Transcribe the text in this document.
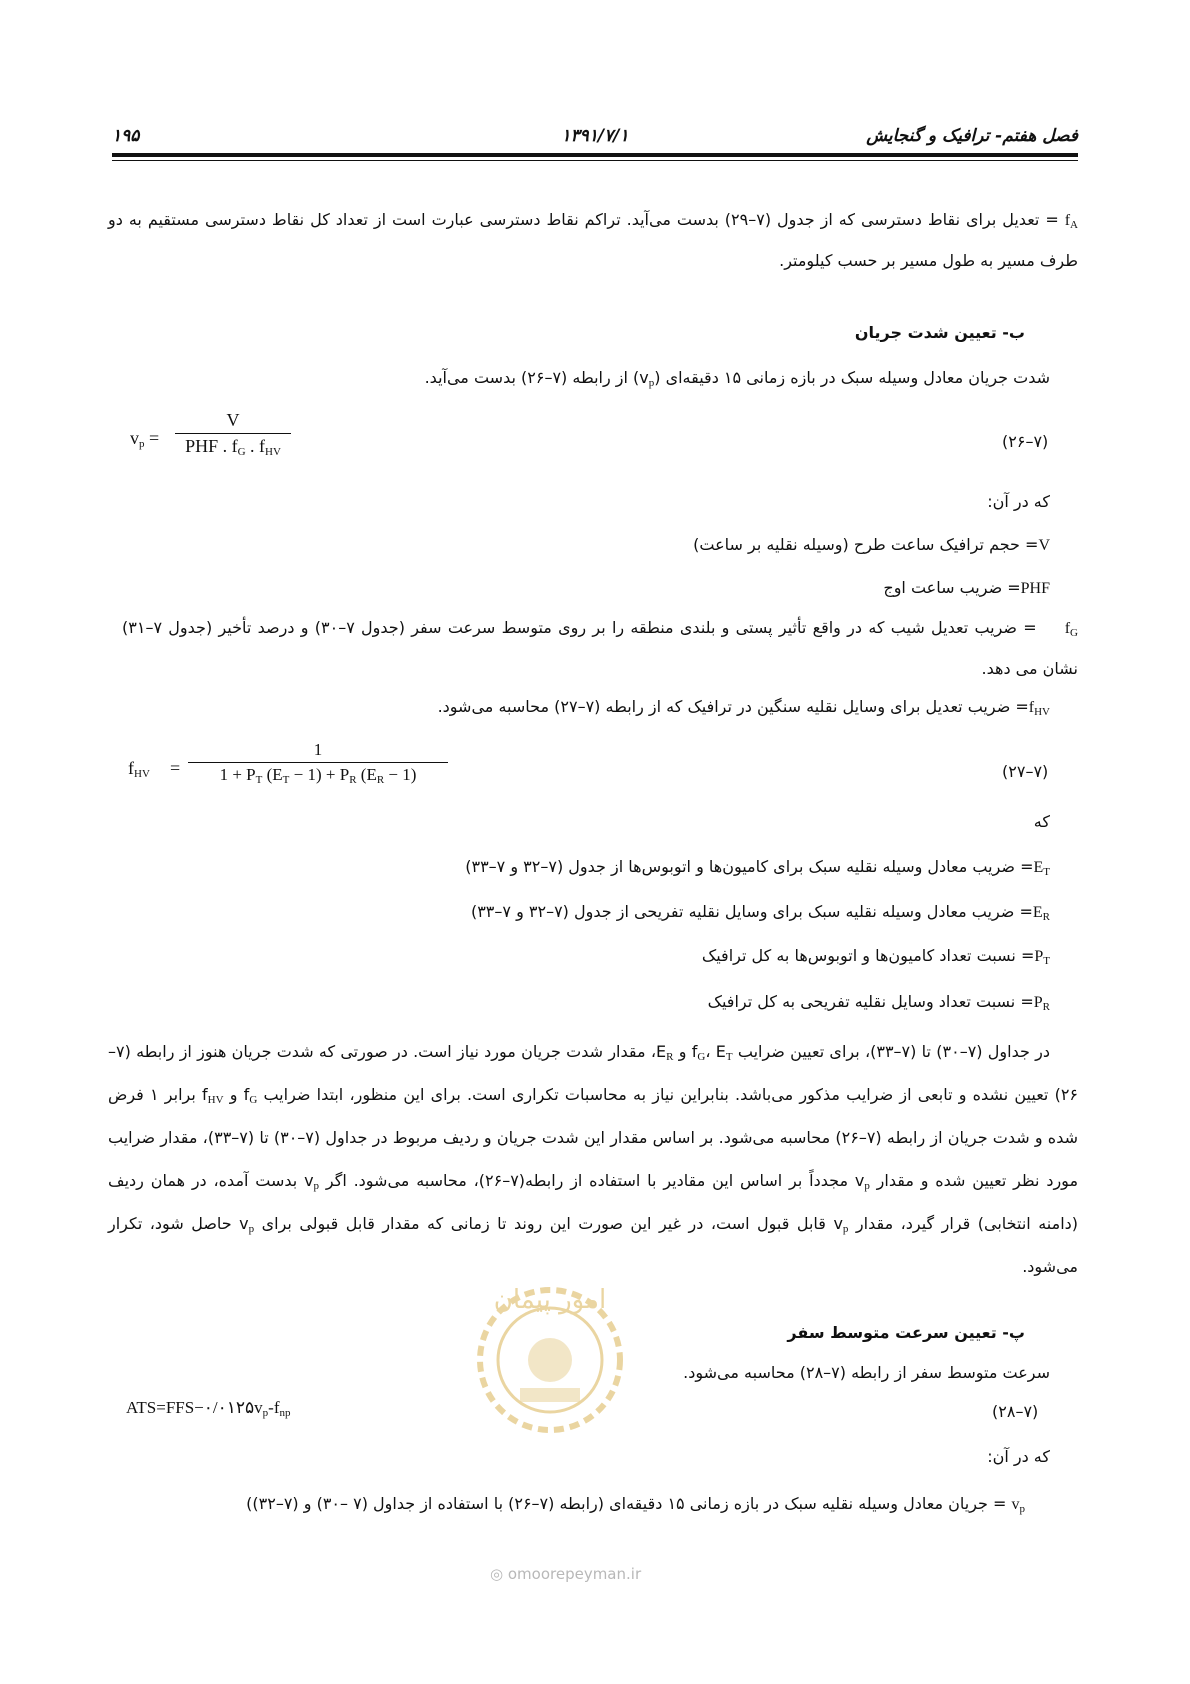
فصل هفتم- ترافیک و گنجایش
۱۳۹۱/۷/۱
۱۹۵
$f_A$ = تعدیل برای نقاط دسترسی که از جدول (۷–۲۹) بدست می‌آید. تراکم نقاط دسترسی عبارت است از تعداد کل نقاط دسترسی مستقیم به دو طرف مسیر به طول مسیر بر حسب کیلومتر.
ب- تعیین شدت جریان
شدت جریان معادل وسیله سبک در بازه زمانی ۱۵ دقیقه‌ای $(v_p)$ از رابطه (۷–۲۶) بدست می‌آید.
$v_p$ =
V
PHF . $f_G$ . $f_{HV}$
(۷–۲۶)
که در آن:
V= حجم ترافیک ساعت طرح (وسیله نقلیه بر ساعت)
PHF= ضریب ساعت اوج
$f_G=$ ضریب تعدیل شیب که در واقع تأثیر پستی و بلندی منطقه را بر روی متوسط سرعت سفر (جدول ۷–۳۰) و درصد تأخیر (جدول ۷–۳۱) نشان می دهد.
$f_{HV}=$ ضریب تعدیل برای وسایل نقلیه سنگین در ترافیک که از رابطه (۷–۲۷) محاسبه می‌شود.
$f_{HV}$ =
1
$1 + P_T$ $(E_T - 1) + P_R$ $(E_R - 1)$	(۷–۲۷)
که
$E_T=$ ضریب معادل وسیله نقلیه سبک برای کامیون‌ها و اتوبوس‌ها از جدول (۷–۳۲ و ۷–۳۳)
$E_R=$ ضریب معادل وسیله نقلیه سبک برای وسایل نقلیه تفریحی از جدول (۷–۳۲ و ۷–۳۳)
$P_T=$ نسبت تعداد کامیون‌ها و اتوبوس‌ها به کل ترافیک
$P_R=$ نسبت تعداد وسایل نقلیه تفریحی به کل ترافیک
در جداول (۷–۳۰) تا (۷–۳۳)، برای تعیین ضرایب $f_G،$ $E_T$ و $E_R،$ مقدار شدت جریان مورد نیاز است. در صورتی که شدت جریان هنوز از رابطه (۷–۲۶) تعیین نشده و تابعی از ضرایب مذکور می‌باشد. بنابراین نیاز به محاسبات تکراری است. برای این منظور، ابتدا ضرایب $f_G$ و $f_{HV}$ برابر ۱ فرض شده و شدت جریان از رابطه (۷–۲۶) محاسبه می‌شود. بر اساس مقدار این شدت جریان و ردیف مربوط در جداول (۷–۳۰) تا (۷–۳۳)، مقدار ضرایب مورد نظر تعیین شده و مقدار $v_p$ مجدداً بر اساس این مقادیر با استفاده از رابطه(۷–۲۶)، محاسبه می‌شود. اگر $v_p$ بدست آمده، در همان ردیف (دامنه انتخابی) قرار گیرد، مقدار $v_p$ قابل قبول است، در غیر این صورت این روند تا زمانی که مقدار قابل قبولی برای $v_p$ حاصل شود، تکرار می‌شود.
پ- تعیین سرعت متوسط سفر
سرعت متوسط سفر از رابطه (۷–۲۸) محاسبه می‌شود.
$ATS=FFS-۰/۰۱۲۵v_p-f_{np}$	(۷–۲۸)
که در آن:
$v_p$ = جریان معادل وسیله نقلیه سبک در بازه زمانی ۱۵ دقیقه‌ای (رابطه (۷–۲۶) با استفاده از جداول (۷ –۳۰) و (۷–۳۲))
امور پیمان
◎ omoorepeyman.ir
